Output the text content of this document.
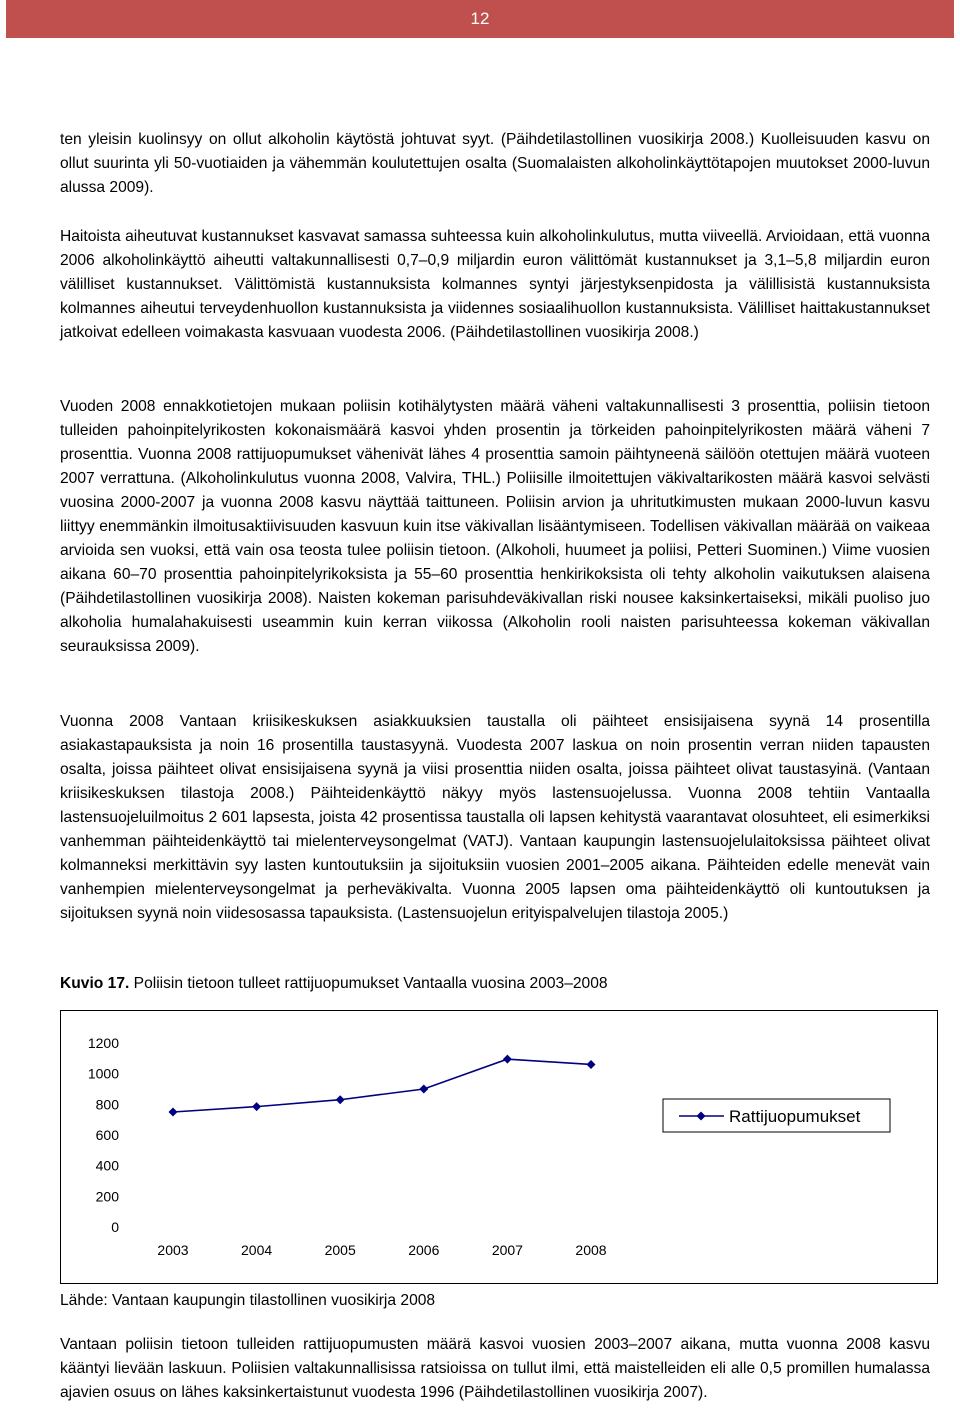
12

ten yleisin kuolinsyy on ollut alkoholin käytöstä johtuvat syyt. (Päihdetilastollinen vuosikirja 2008.) Kuolleisuuden kasvu on ollut suurinta yli 50-vuotiaiden ja vähemmän koulutettujen osalta (Suomalaisten alkoholinkäyttötapojen muutokset 2000-luvun alussa 2009).

Haitoista aiheutuvat kustannukset kasvavat samassa suhteessa kuin alkoholinkulutus, mutta viiveellä. Arvioidaan, että vuonna 2006 alkoholinkäyttö aiheutti valtakunnallisesti 0,7–0,9 miljardin euron välittömät kustannukset ja 3,1–5,8 miljardin euron välilliset kustannukset. Välittömistä kustannuksista kolmannes syntyi järjestyksenpidosta ja välillisistä kustannuksista kolmannes aiheutui terveydenhuollon kustannuksista ja viidennes sosiaalihuollon kustannuksista. Välilliset haittakustannukset jatkoivat edelleen voimakasta kasvuaan vuodesta 2006. (Päihdetilastollinen vuosikirja 2008.)

Vuoden 2008 ennakkotietojen mukaan poliisin kotihälytysten määrä väheni valtakunnallisesti 3 prosenttia, poliisin tietoon tulleiden pahoinpitelyrikosten kokonaismäärä kasvoi yhden prosentin ja törkeiden pahoinpitelyrikosten määrä väheni 7 prosenttia. Vuonna 2008 rattijuopumukset vähenivät lähes 4 prosenttia samoin päihtyneenä säilöön otettujen määrä vuoteen 2007 verrattuna. (Alkoholinkulutus vuonna 2008, Valvira, THL.) Poliisille ilmoitettujen väkivaltarikosten määrä kasvoi selvästi vuosina 2000-2007 ja vuonna 2008 kasvu näyttää taittuneen. Poliisin arvion ja uhritutkimusten mukaan 2000-luvun kasvu liittyy enemmänkin ilmoitusaktiivisuuden kasvuun kuin itse väkivallan lisääntymiseen. Todellisen väkivallan määrää on vaikeaa arvioida sen vuoksi, että vain osa teosta tulee poliisin tietoon. (Alkoholi, huumeet ja poliisi, Petteri Suominen.) Viime vuosien aikana 60–70 prosenttia pahoinpitelyrikoksista ja 55–60 prosenttia henkirikoksista oli tehty alkoholin vaikutuksen alaisena (Päihdetilastollinen vuosikirja 2008). Naisten kokeman parisuhdeväkivallan riski nousee kaksinkertaiseksi, mikäli puoliso juo alkoholia humalahakuisesti useammin kuin kerran viikossa (Alkoholin rooli naisten parisuhteessa kokeman väkivallan seurauksissa 2009).

Vuonna 2008 Vantaan kriisikeskuksen asiakkuuksien taustalla oli päihteet ensisijaisena syynä 14 prosentilla asiakastapauksista ja noin 16 prosentilla taustasyynä. Vuodesta 2007 laskua on noin prosentin verran niiden tapausten osalta, joissa päihteet olivat ensisijaisena syynä ja viisi prosenttia niiden osalta, joissa päihteet olivat taustasyinä. (Vantaan kriisikeskuksen tilastoja 2008.) Päihteidenkäyttö näkyy myös lastensuojelussa. Vuonna 2008 tehtiin Vantaalla lastensuojeluilmoitus 2 601 lapsesta, joista 42 prosentissa taustalla oli lapsen kehitystä vaarantavat olosuhteet, eli esimerkiksi vanhemman päihteidenkäyttö tai mielenterveysongelmat (VATJ). Vantaan kaupungin lastensuojelulaitoksissa päihteet olivat kolmanneksi merkittävin syy lasten kuntoutuksiin ja sijoituksiin vuosien 2001–2005 aikana. Päihteiden edelle menevät vain vanhempien mielenterveysongelmat ja perheväkivalta. Vuonna 2005 lapsen oma päihteidenkäyttö oli kuntoutuksen ja sijoituksen syynä noin viidesosassa tapauksista. (Lastensuojelun erityispalvelujen tilastoja 2005.)

Kuvio 17. Poliisin tietoon tulleet rattijuopumukset Vantaalla vuosina 2003–2008
0
200
400
600
800
1000
1200
2003	2004	2005	2006	2007	2008
Rattijuopumukset
Lähde: Vantaan kaupungin tilastollinen vuosikirja 2008

Vantaan poliisin tietoon tulleiden rattijuopumusten määrä kasvoi vuosien 2003–2007 aikana, mutta vuonna 2008 kasvu kääntyi lievään laskuun. Poliisien valtakunnallisissa ratsioissa on tullut ilmi, että maistelleiden eli alle 0,5 promillen humalassa ajavien osuus on lähes kaksinkertaistunut vuodesta 1996 (Päihdetilastollinen vuosikirja 2007).
